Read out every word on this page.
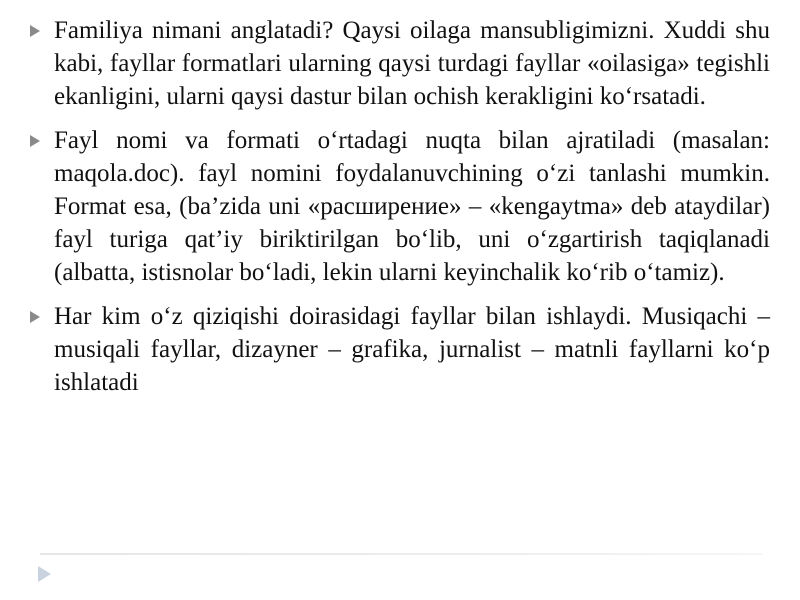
Familiya nimani anglatadi? Qaysi oilaga mansubligimizni. Xuddi shu kabi, fayllar formatlari ularning qaysi turdagi fayllar «oilasiga» tegishli ekanligini, ularni qaysi dastur bilan ochish kerakligini ko‘rsatadi.
Fayl nomi va formati o‘rtadagi nuqta bilan ajratiladi (masalan: maqola.doc). fayl nomini foydalanuvchining o‘zi tanlashi mumkin. Format esa, (ba’zida uni «расширение» – «kengaytma» deb ataydilar) fayl turiga qat’iy biriktirilgan bo‘lib, uni o‘zgartirish taqiqlanadi (albatta, istisnolar bo‘ladi, lekin ularni keyinchalik ko‘rib o‘tamiz).
Har kim o‘z qiziqishi doirasidagi fayllar bilan ishlaydi. Musiqachi – musiqali fayllar, dizayner – grafika, jurnalist – matnli fayllarni ko‘p ishlatadi
